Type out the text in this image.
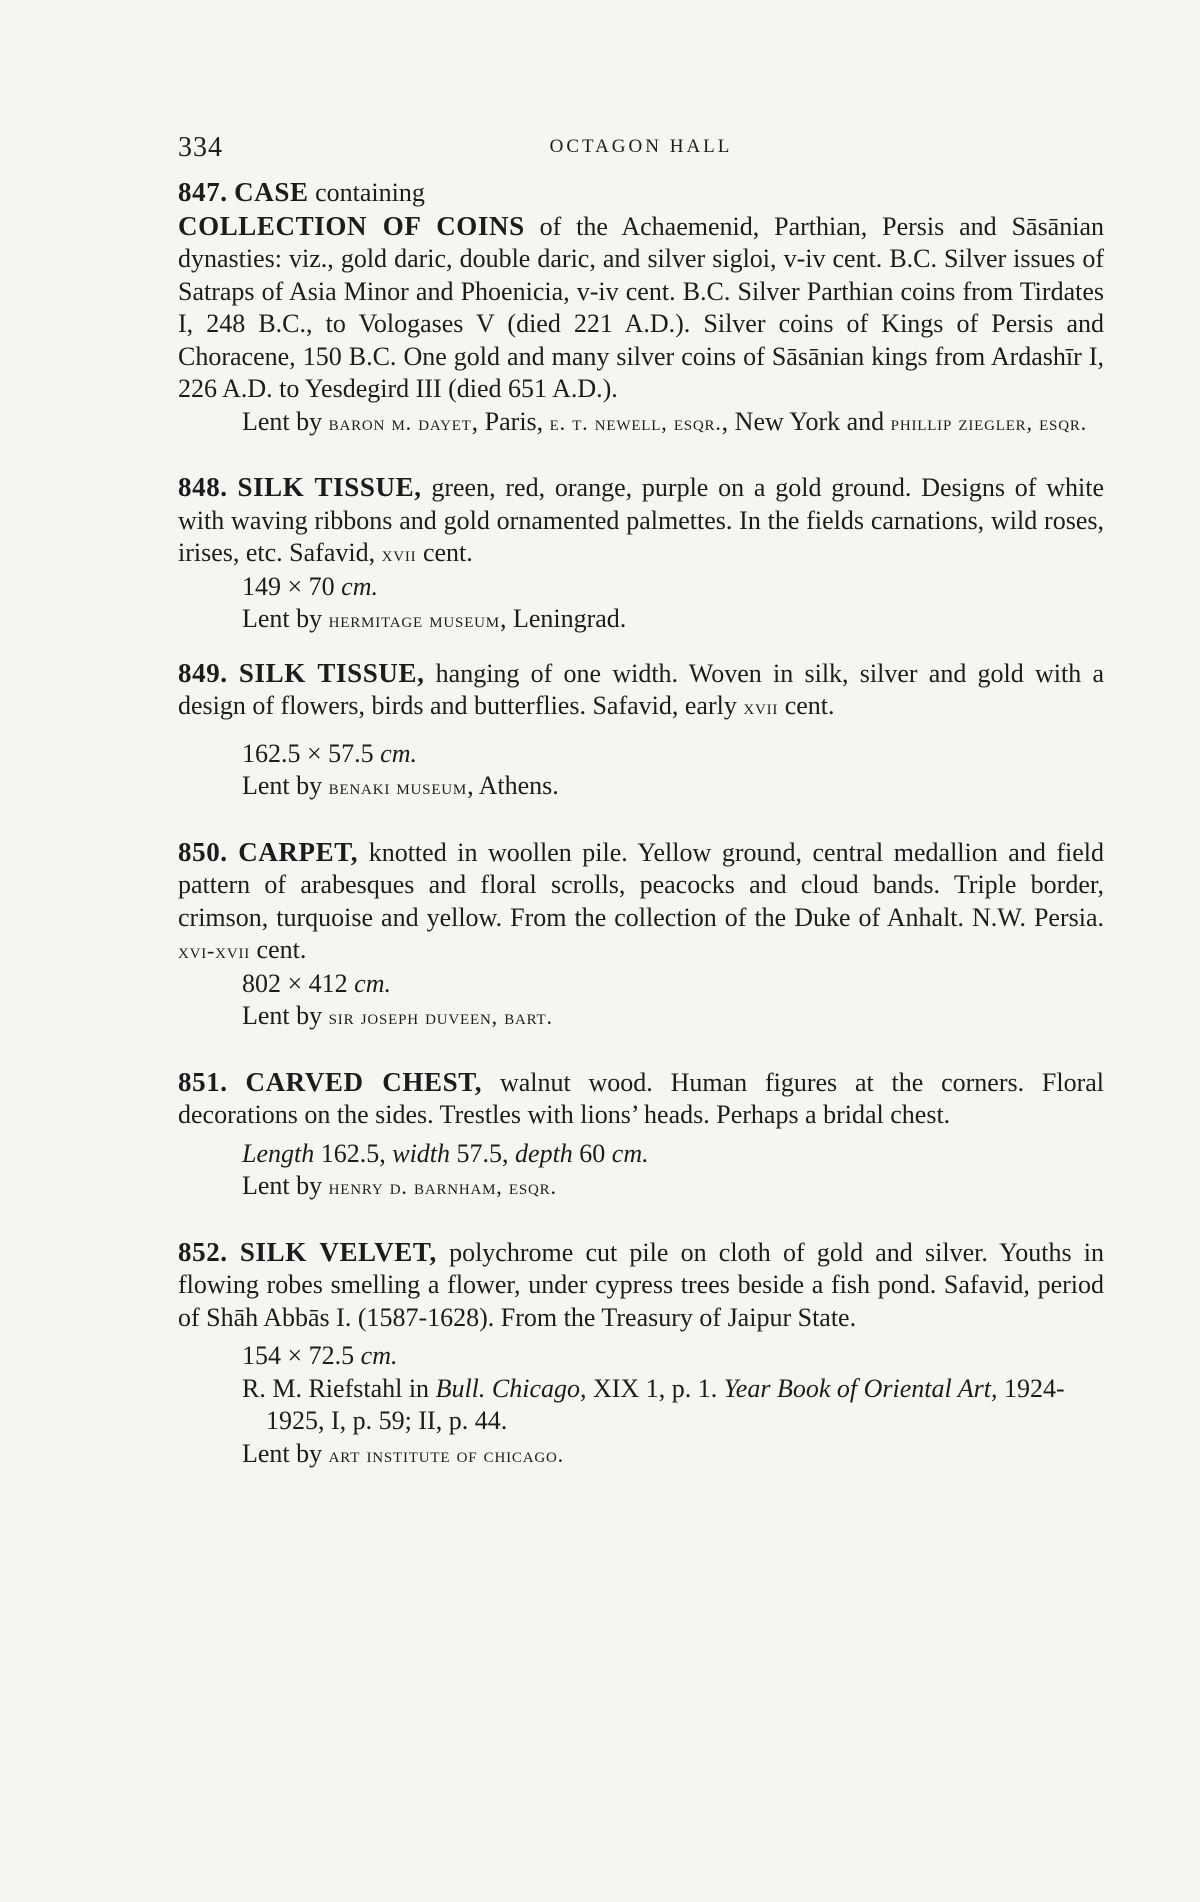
334	OCTAGON HALL

847. CASE containing

COLLECTION OF COINS of the Achaemenid, Parthian, Persis and Sāsānian dynasties: viz., gold daric, double daric, and silver sigloi, v-iv cent. B.C. Silver issues of Satraps of Asia Minor and Phoenicia, v-iv cent. B.C. Silver Parthian coins from Tirdates I, 248 B.C., to Vologases V (died 221 A.D.). Silver coins of Kings of Persis and Choracene, 150 B.C. One gold and many silver coins of Sāsānian kings from Ardashīr I, 226 A.D. to Yesdegird III (died 651 A.D.).

Lent by baron m. dayet, Paris, e. t. newell, esqr., New York and phillip ziegler, esqr.

848. SILK TISSUE, green, red, orange, purple on a gold ground. Designs of white with waving ribbons and gold ornamented palmettes. In the fields carnations, wild roses, irises, etc. Safavid, xvii cent.

149 × 70 cm.

Lent by hermitage museum, Leningrad.

849. SILK TISSUE, hanging of one width. Woven in silk, silver and gold with a design of flowers, birds and butterflies. Safavid, early xvii cent.

162.5 × 57.5 cm.

Lent by benaki museum, Athens.

850. CARPET, knotted in woollen pile. Yellow ground, central medallion and field pattern of arabesques and floral scrolls, peacocks and cloud bands. Triple border, crimson, turquoise and yellow. From the collection of the Duke of Anhalt. N.W. Persia. xvi-xvii cent.

802 × 412 cm.

Lent by sir joseph duveen, bart.

851. CARVED CHEST, walnut wood. Human figures at the corners. Floral decorations on the sides. Trestles with lions’ heads. Perhaps a bridal chest.

Length 162.5, width 57.5, depth 60 cm.

Lent by henry d. barnham, esqr.

852. SILK VELVET, polychrome cut pile on cloth of gold and silver. Youths in flowing robes smelling a flower, under cypress trees beside a fish pond. Safavid, period of Shāh Abbās I. (1587-1628). From the Treasury of Jaipur State.

154 × 72.5 cm.

R. M. Riefstahl in Bull. Chicago, XIX 1, p. 1. Year Book of Oriental Art, 1924-1925, I, p. 59; II, p. 44.

Lent by art institute of chicago.
